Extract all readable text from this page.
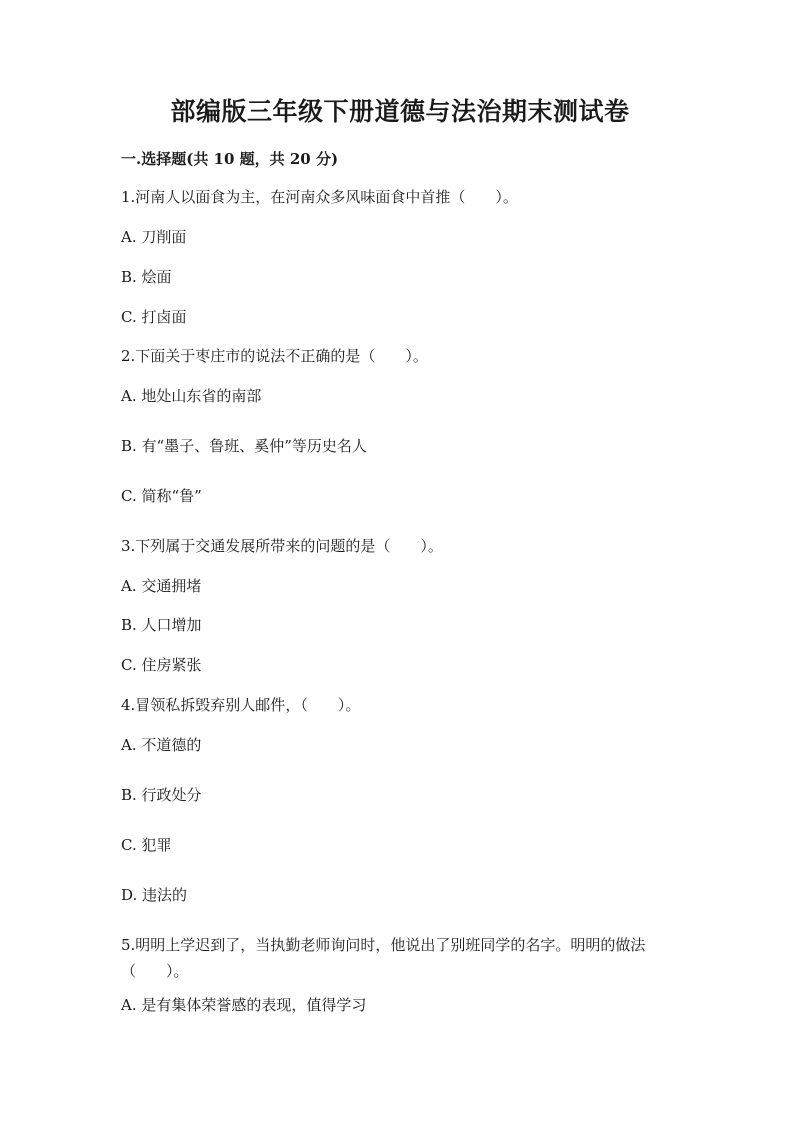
部编版三年级下册道德与法治期末测试卷
一.选择题(共 10 题，共 20 分)
1.河南人以面食为主，在河南众多风味面食中首推（　　）。
A. 刀削面
B. 烩面
C. 打卤面
2.下面关于枣庄市的说法不正确的是（　　）。
A. 地处山东省的南部
B. 有“墨子、鲁班、奚仲”等历史名人
C. 简称“鲁”
3.下列属于交通发展所带来的问题的是（　　）。
A. 交通拥堵
B. 人口增加
C. 住房紧张
4.冒领私拆毁弃别人邮件，（　　）。
A. 不道德的
B. 行政处分
C. 犯罪
D. 违法的
5.明明上学迟到了，当执勤老师询问时，他说出了别班同学的名字。明明的做法（　　）。
A. 是有集体荣誉感的表现，值得学习
